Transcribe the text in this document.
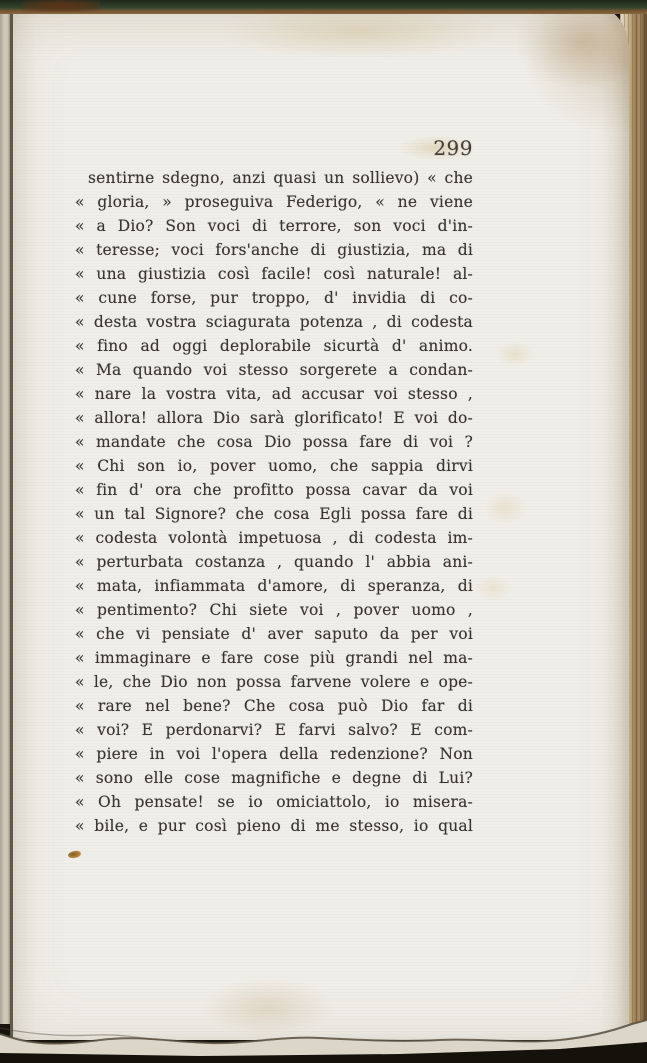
299
sentirne sdegno, anzi quasi un sollievo) « che
« gloria, » proseguiva Federigo, « ne viene
« a Dio? Son voci di terrore, son voci d'in-
« teresse; voci fors'anche di giustizia, ma di
« una giustizia così facile! così naturale! al-
« cune forse, pur troppo, d' invidia di co-
« desta vostra sciagurata potenza , di codesta
« fino ad oggi deplorabile sicurtà d' animo.
« Ma quando voi stesso sorgerete a condan-
« nare la vostra vita, ad accusar voi stesso ,
« allora! allora Dio sarà glorificato! E voi do-
« mandate che cosa Dio possa fare di voi ?
« Chi son io, pover uomo, che sappia dirvi
« fin d' ora che profitto possa cavar da voi
« un tal Signore? che cosa Egli possa fare di
« codesta volontà impetuosa , di codesta im-
« perturbata costanza , quando l' abbia ani-
« mata, infiammata d'amore, di speranza, di
« pentimento? Chi siete voi , pover uomo ,
« che vi pensiate d' aver saputo da per voi
« immaginare e fare cose più grandi nel ma-
« le, che Dio non possa farvene volere e ope-
« rare nel bene? Che cosa può Dio far di
« voi? E perdonarvi? E farvi salvo? E com-
« piere in voi l'opera della redenzione? Non
« sono elle cose magnifiche e degne di Lui?
« Oh pensate! se io omiciattolo, io misera-
« bile, e pur così pieno di me stesso, io qual
